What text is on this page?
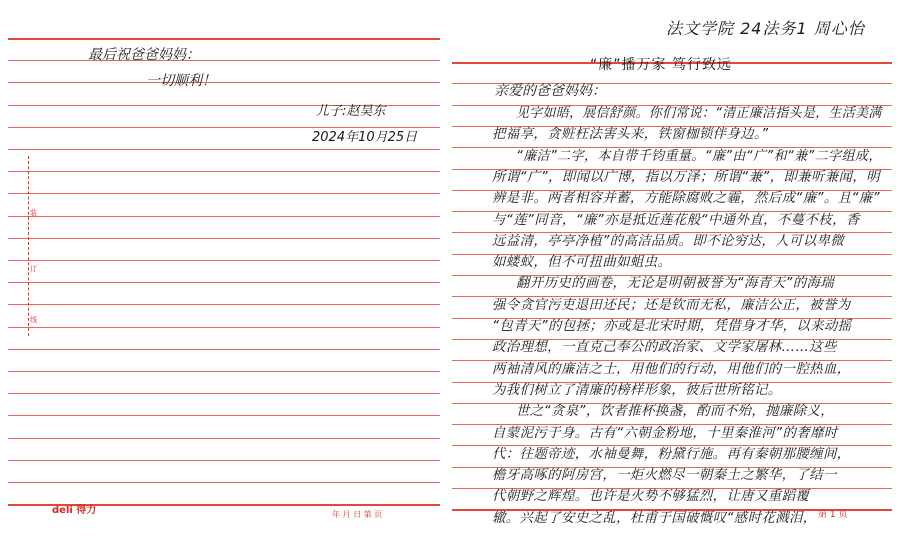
装
订
线
最后祝爸爸妈妈：
一切顺利！
儿子:赵昊东
2024年10月25日
deli 得力	年 月 日 第 页
法文学院 24法务1 周心怡
“廉”播万家 笃行致远
亲爱的爸爸妈妈：
见字如晤，展信舒颜。你们常说：“清正廉洁指头是，生活美满
把福享，贪赃枉法害头来，铁窗枷锁伴身边。”
“廉洁”二字，本自带千钧重量。“廉”由“广”和“兼”二字组成，
所谓“广”，即闻以广博，指以万泽；所谓“兼”，即兼听兼闻，明
辨是非。两者相容并蓄，方能除腐败之霾，然后成“廉”。且“廉”
与“莲”同音，“廉”亦是抵近莲花般“中通外直，不蔓不枝，香
远益清，亭亭净植”的高洁品质。即不论穷达，人可以卑微
如蝼蚁，但不可扭曲如蛆虫。
翻开历史的画卷，无论是明朝被誉为“海青天”的海瑞
强令贪官污吏退田还民；还是钦而无私，廉洁公正，被誉为
“包青天”的包拯；亦或是北宋时期，凭借身才华，以来动摇
政治理想，一直克己奉公的政治家、文学家屠林……这些
两袖清风的廉洁之士，用他们的行动，用他们的一腔热血，
为我们树立了清廉的榜样形象，彼后世所铭记。
世之“贪泉”，饮者推杯换盏，酌而不殆，抛廉除义，
自蒙泥污于身。古有“六朝金粉地，十里秦淮河”的奢靡时
代：往题帝迹，水袖曼舞，粉黛行施。再有秦朝那腰缠间，
檐牙高啄的阿房宫，一炬火燃尽一朝秦土之繁华，了结一
代朝野之辉煌。也许是火势不够猛烈，让唐又重蹈覆
辙。兴起了安史之乱，杜甫于国破慨叹“感时花溅泪， 第 1 页
